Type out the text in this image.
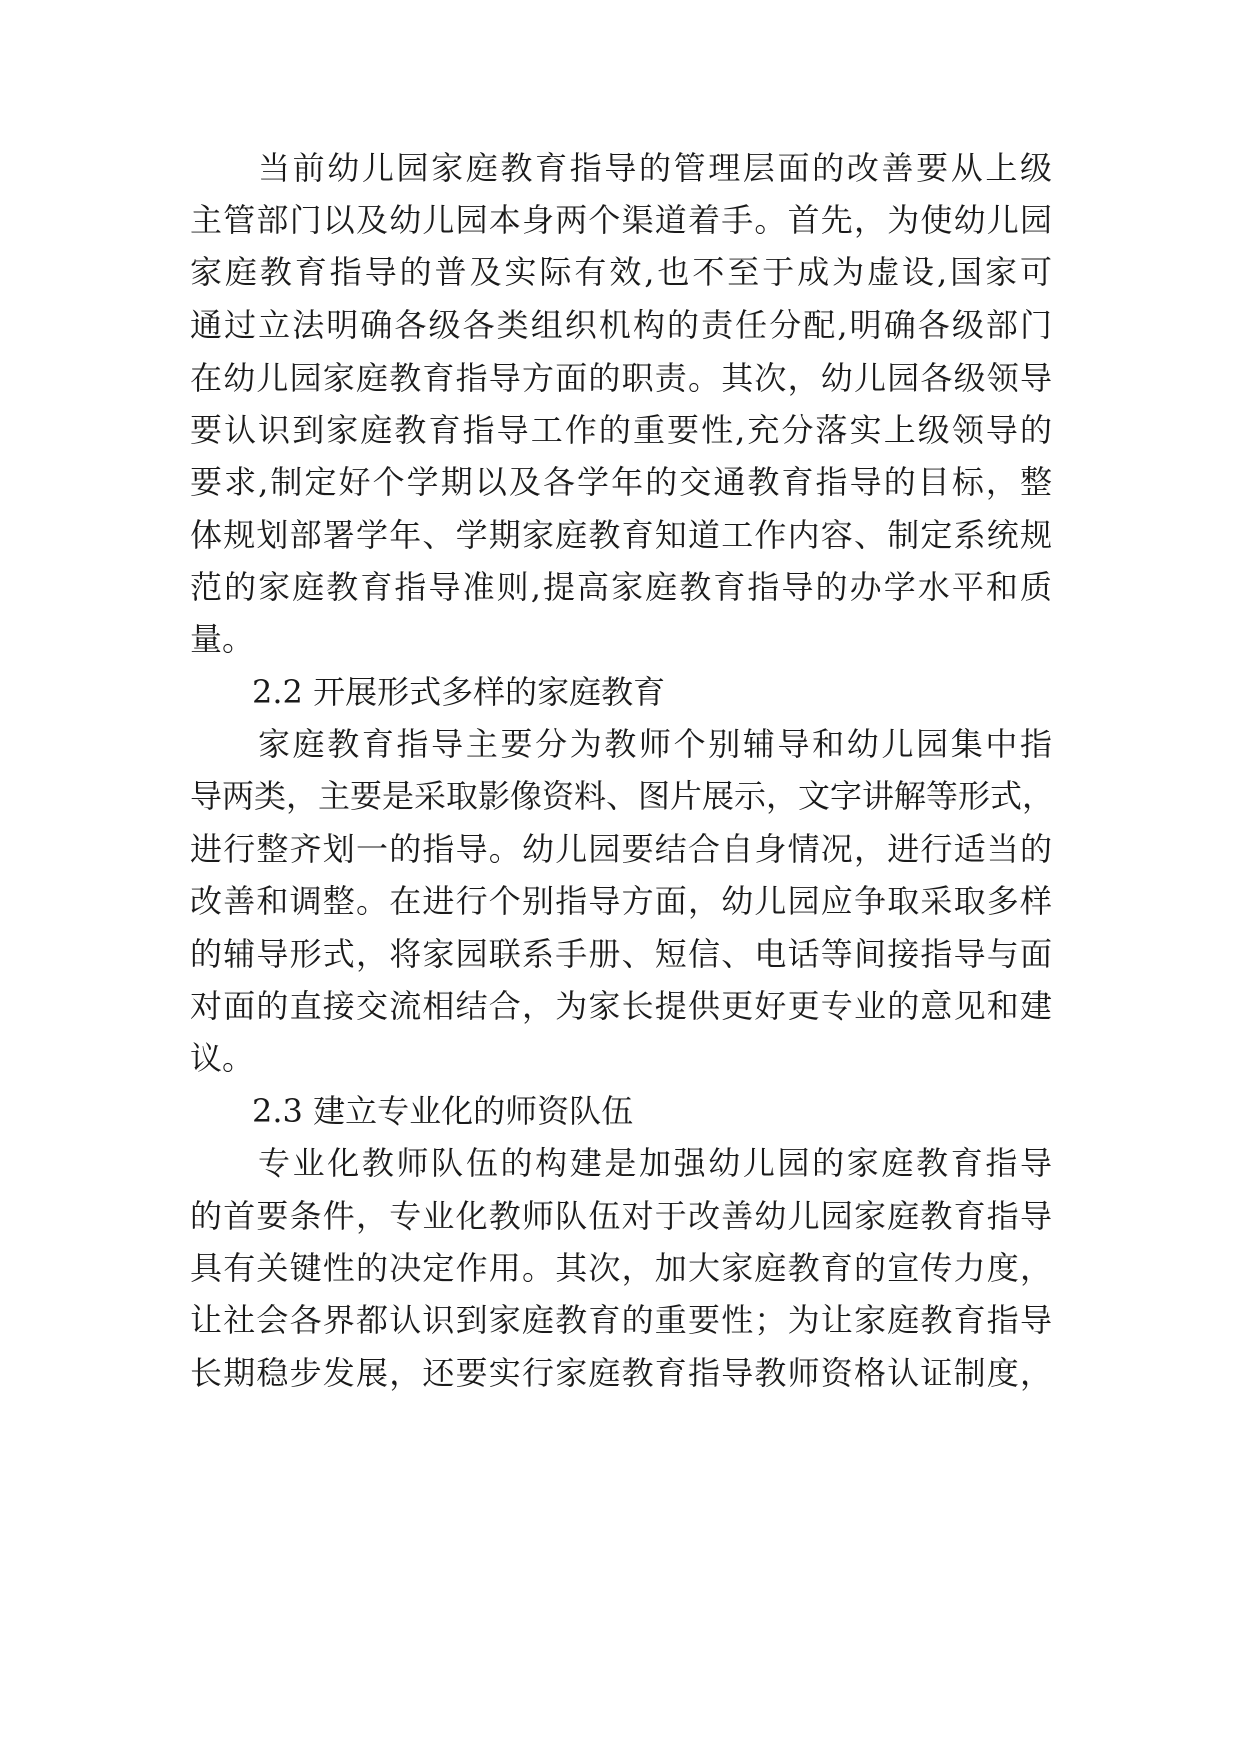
当前幼儿园家庭教育指导的管理层面的改善要从上级
主管部门以及幼儿园本身两个渠道着手。首先，为使幼儿园
家庭教育指导的普及实际有效,也不至于成为虚设,国家可
通过立法明确各级各类组织机构的责任分配,明确各级部门
在幼儿园家庭教育指导方面的职责。其次，幼儿园各级领导
要认识到家庭教育指导工作的重要性,充分落实上级领导的
要求,制定好个学期以及各学年的交通教育指导的目标，整
体规划部署学年、学期家庭教育知道工作内容、制定系统规
范的家庭教育指导准则,提高家庭教育指导的办学水平和质
量。
2.2 开展形式多样的家庭教育
家庭教育指导主要分为教师个别辅导和幼儿园集中指
导两类，主要是采取影像资料、图片展示，文字讲解等形式，
进行整齐划一的指导。幼儿园要结合自身情况，进行适当的
改善和调整。在进行个别指导方面，幼儿园应争取采取多样
的辅导形式，将家园联系手册、短信、电话等间接指导与面
对面的直接交流相结合，为家长提供更好更专业的意见和建
议。
2.3 建立专业化的师资队伍
专业化教师队伍的构建是加强幼儿园的家庭教育指导
的首要条件，专业化教师队伍对于改善幼儿园家庭教育指导
具有关键性的决定作用。其次，加大家庭教育的宣传力度，
让社会各界都认识到家庭教育的重要性；为让家庭教育指导
长期稳步发展，还要实行家庭教育指导教师资格认证制度，
